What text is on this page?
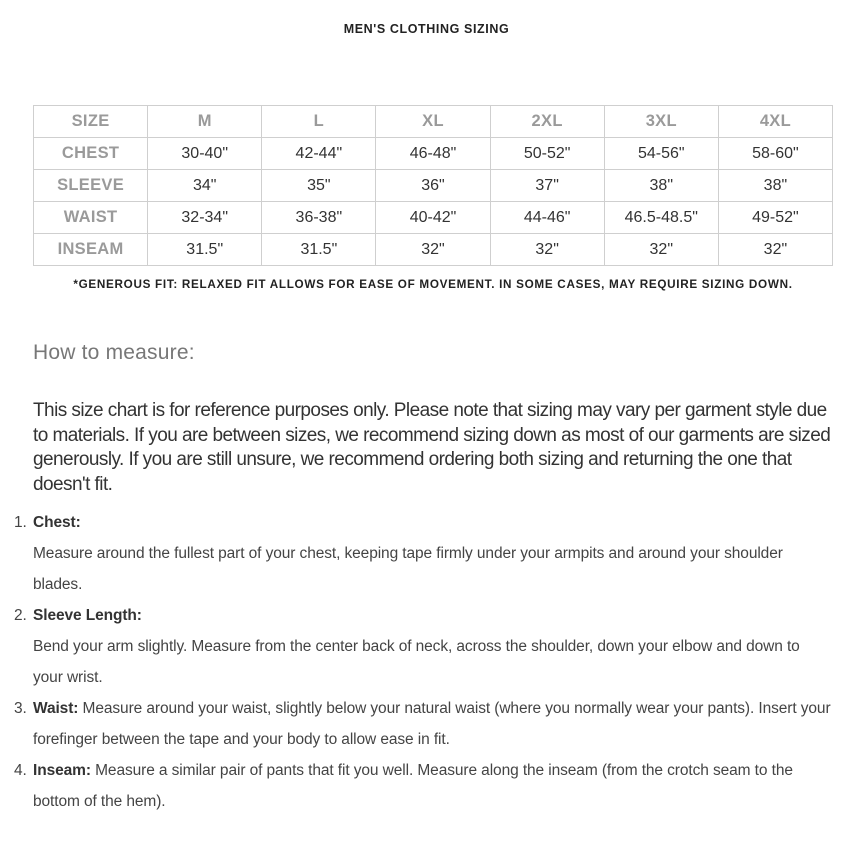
MEN'S CLOTHING SIZING
SIZE	M	L	XL	2XL	3XL	4XL
CHEST	30-40"	42-44"	46-48"	50-52"	54-56"	58-60"
SLEEVE	34"	35"	36"	37"	38"	38"
WAIST	32-34"	36-38"	40-42"	44-46"	46.5-48.5"	49-52"
INSEAM	31.5"	31.5"	32"	32"	32"	32"
*GENEROUS FIT: RELAXED FIT ALLOWS FOR EASE OF MOVEMENT. IN SOME CASES, MAY REQUIRE SIZING DOWN.
How to measure:

This size chart is for reference purposes only. Please note that sizing may vary per garment style due to materials. If you are between sizes, we recommend sizing down as most of our garments are sized generously. If you are still unsure, we recommend ordering both sizing and returning the one that doesn't fit.

1. Chest:
Measure around the fullest part of your chest, keeping tape firmly under your armpits and around your shoulder blades.
2. Sleeve Length:
Bend your arm slightly. Measure from the center back of neck, across the shoulder, down your elbow and down to your wrist.
3. Waist: Measure around your waist, slightly below your natural waist (where you normally wear your pants). Insert your forefinger between the tape and your body to allow ease in fit.
4. Inseam: Measure a similar pair of pants that fit you well. Measure along the inseam (from the crotch seam to the bottom of the hem).
